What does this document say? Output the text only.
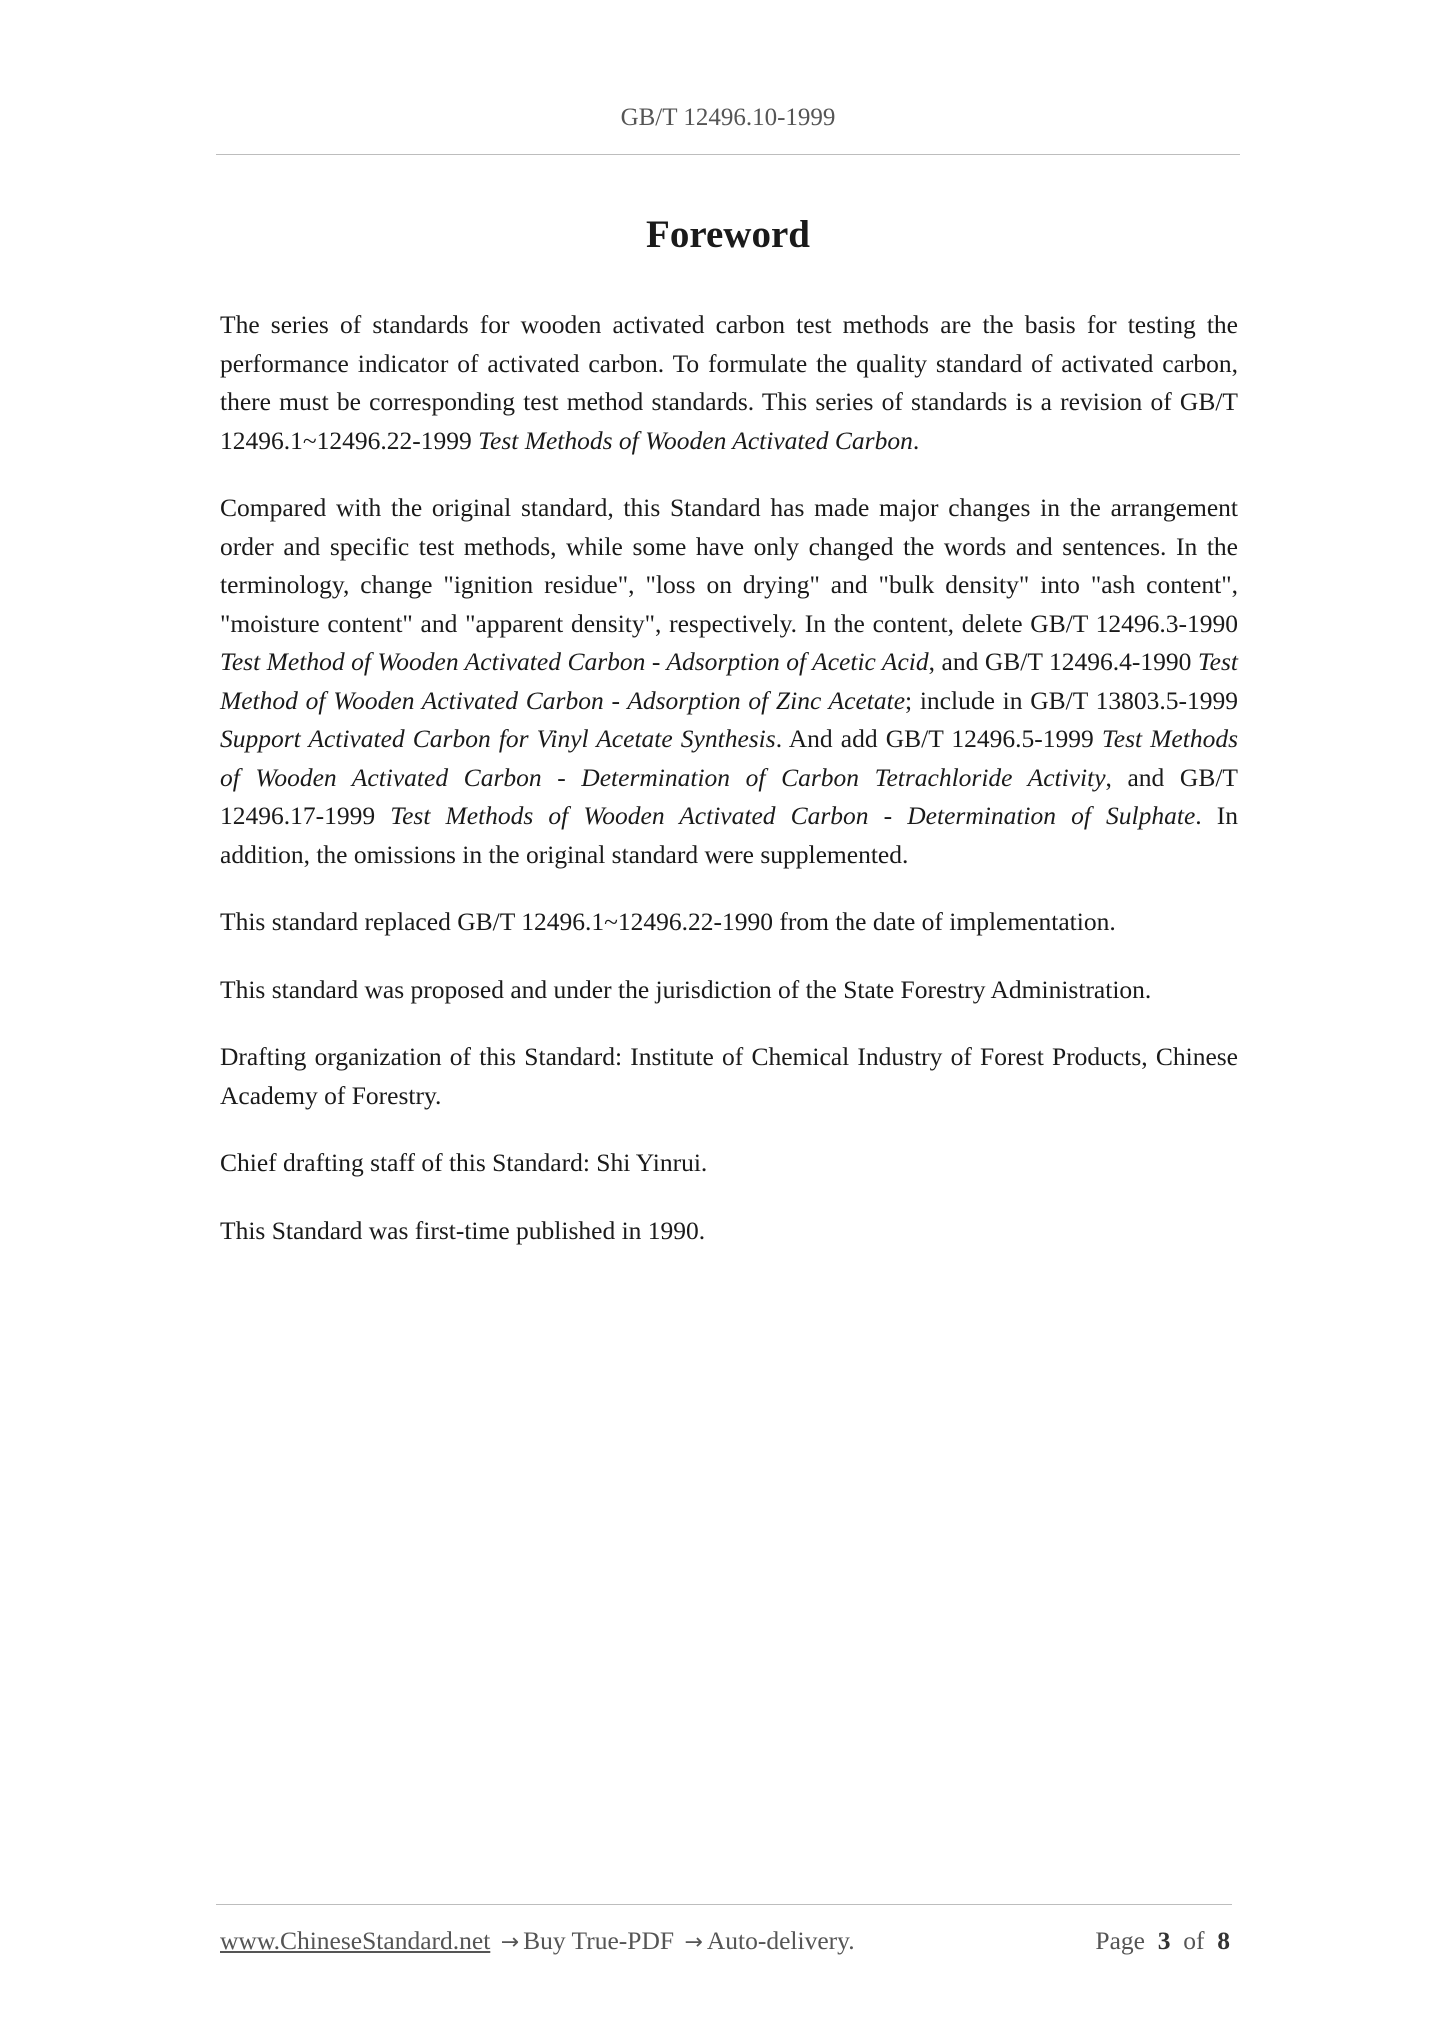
GB/T 12496.10-1999
Foreword

The series of standards for wooden activated carbon test methods are the basis for testing the performance indicator of activated carbon. To formulate the quality standard of activated carbon, there must be corresponding test method standards. This series of standards is a revision of GB/T 12496.1~12496.22-1999 Test Methods of Wooden Activated Carbon.

Compared with the original standard, this Standard has made major changes in the arrangement order and specific test methods, while some have only changed the words and sentences. In the terminology, change "ignition residue", "loss on drying" and "bulk density" into "ash content", "moisture content" and "apparent density", respectively. In the content, delete GB/T 12496.3-1990 Test Method of Wooden Activated Carbon - Adsorption of Acetic Acid, and GB/T 12496.4-1990 Test Method of Wooden Activated Carbon - Adsorption of Zinc Acetate; include in GB/T 13803.5-1999 Support Activated Carbon for Vinyl Acetate Synthesis. And add GB/T 12496.5-1999 Test Methods of Wooden Activated Carbon - Determination of Carbon Tetrachloride Activity, and GB/T 12496.17-1999 Test Methods of Wooden Activated Carbon - Determination of Sulphate. In addition, the omissions in the original standard were supplemented.

This standard replaced GB/T 12496.1~12496.22-1990 from the date of implementation.

This standard was proposed and under the jurisdiction of the State Forestry Administration.

Drafting organization of this Standard: Institute of Chemical Industry of Forest Products, Chinese Academy of Forestry.

Chief drafting staff of this Standard: Shi Yinrui.

This Standard was first-time published in 1990.

www.ChineseStandard.net → Buy True-PDF → Auto-delivery.	Page 3 of 8
